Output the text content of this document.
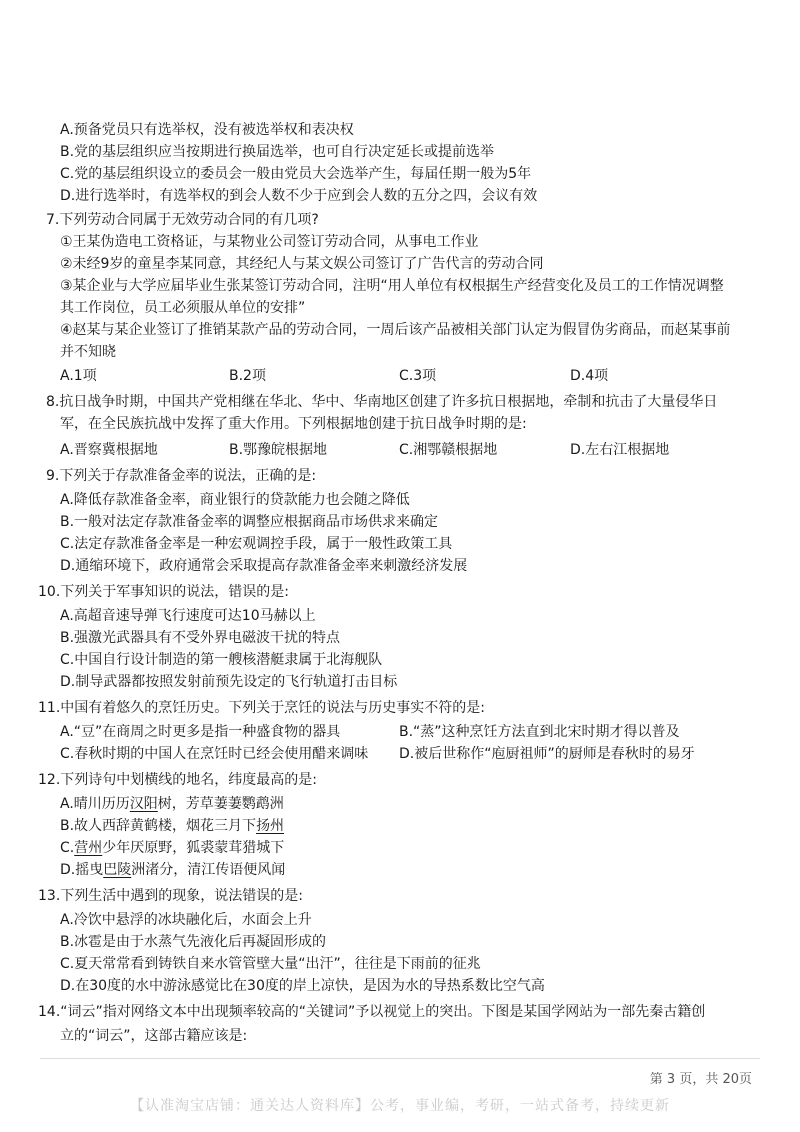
A.预备党员只有选举权，没有被选举权和表决权
B.党的基层组织应当按期进行换届选举，也可自行决定延长或提前选举
C.党的基层组织设立的委员会一般由党员大会选举产生，每届任期一般为5年
D.进行选举时，有选举权的到会人数不少于应到会人数的五分之四，会议有效
7.下列劳动合同属于无效劳动合同的有几项?
①王某伪造电工资格证，与某物业公司签订劳动合同，从事电工作业
②未经9岁的童星李某同意，其经纪人与某文娱公司签订了广告代言的劳动合同
③某企业与大学应届毕业生张某签订劳动合同，注明“用人单位有权根据生产经营变化及员工的工作情况调整
其工作岗位，员工必须服从单位的安排”
④赵某与某企业签订了推销某款产品的劳动合同，一周后该产品被相关部门认定为假冒伪劣商品，而赵某事前
并不知晓
A.1项	B.2项	C.3项	D.4项
8.抗日战争时期，中国共产党相继在华北、华中、华南地区创建了许多抗日根据地，牵制和抗击了大量侵华日
军，在全民族抗战中发挥了重大作用。下列根据地创建于抗日战争时期的是:
A.晋察冀根据地	B.鄂豫皖根据地	C.湘鄂赣根据地	D.左右江根据地
9.下列关于存款准备金率的说法，正确的是:
A.降低存款准备金率，商业银行的贷款能力也会随之降低
B.一般对法定存款准备金率的调整应根据商品市场供求来确定
C.法定存款准备金率是一种宏观调控手段，属于一般性政策工具
D.通缩环境下，政府通常会采取提高存款准备金率来刺激经济发展
10.下列关于军事知识的说法，错误的是:
A.高超音速导弹飞行速度可达10马赫以上
B.强激光武器具有不受外界电磁波干扰的特点
C.中国自行设计制造的第一艘核潜艇隶属于北海舰队
D.制导武器都按照发射前预先设定的飞行轨道打击目标
11.中国有着悠久的烹饪历史。下列关于烹饪的说法与历史事实不符的是:
A.“豆”在商周之时更多是指一种盛食物的器具	B.“蒸”这种烹饪方法直到北宋时期才得以普及
C.春秋时期的中国人在烹饪时已经会使用醋来调味 D.被后世称作“庖厨祖师”的厨师是春秋时的易牙
12.下列诗句中划横线的地名，纬度最高的是:
A.晴川历历汉阳树，芳草萋萋鹦鹉洲
B.故人西辞黄鹤楼，烟花三月下扬州
C.营州少年厌原野，狐裘蒙茸猎城下
D.摇曳巴陵洲渚分，清江传语便风闻
13.下列生活中遇到的现象，说法错误的是:
A.冷饮中悬浮的冰块融化后，水面会上升
B.冰雹是由于水蒸气先液化后再凝固形成的
C.夏天常常看到铸铁自来水管管壁大量“出汗”，往往是下雨前的征兆
D.在30度的水中游泳感觉比在30度的岸上凉快，是因为水的导热系数比空气高
14.“词云”指对网络文本中出现频率较高的“关键词”予以视觉上的突出。下图是某国学网站为一部先秦古籍创
立的“词云”，这部古籍应该是:
第 3 页，共 20页
【认准淘宝店铺：通关达人资料库】公考，事业编，考研，一站式备考，持续更新
